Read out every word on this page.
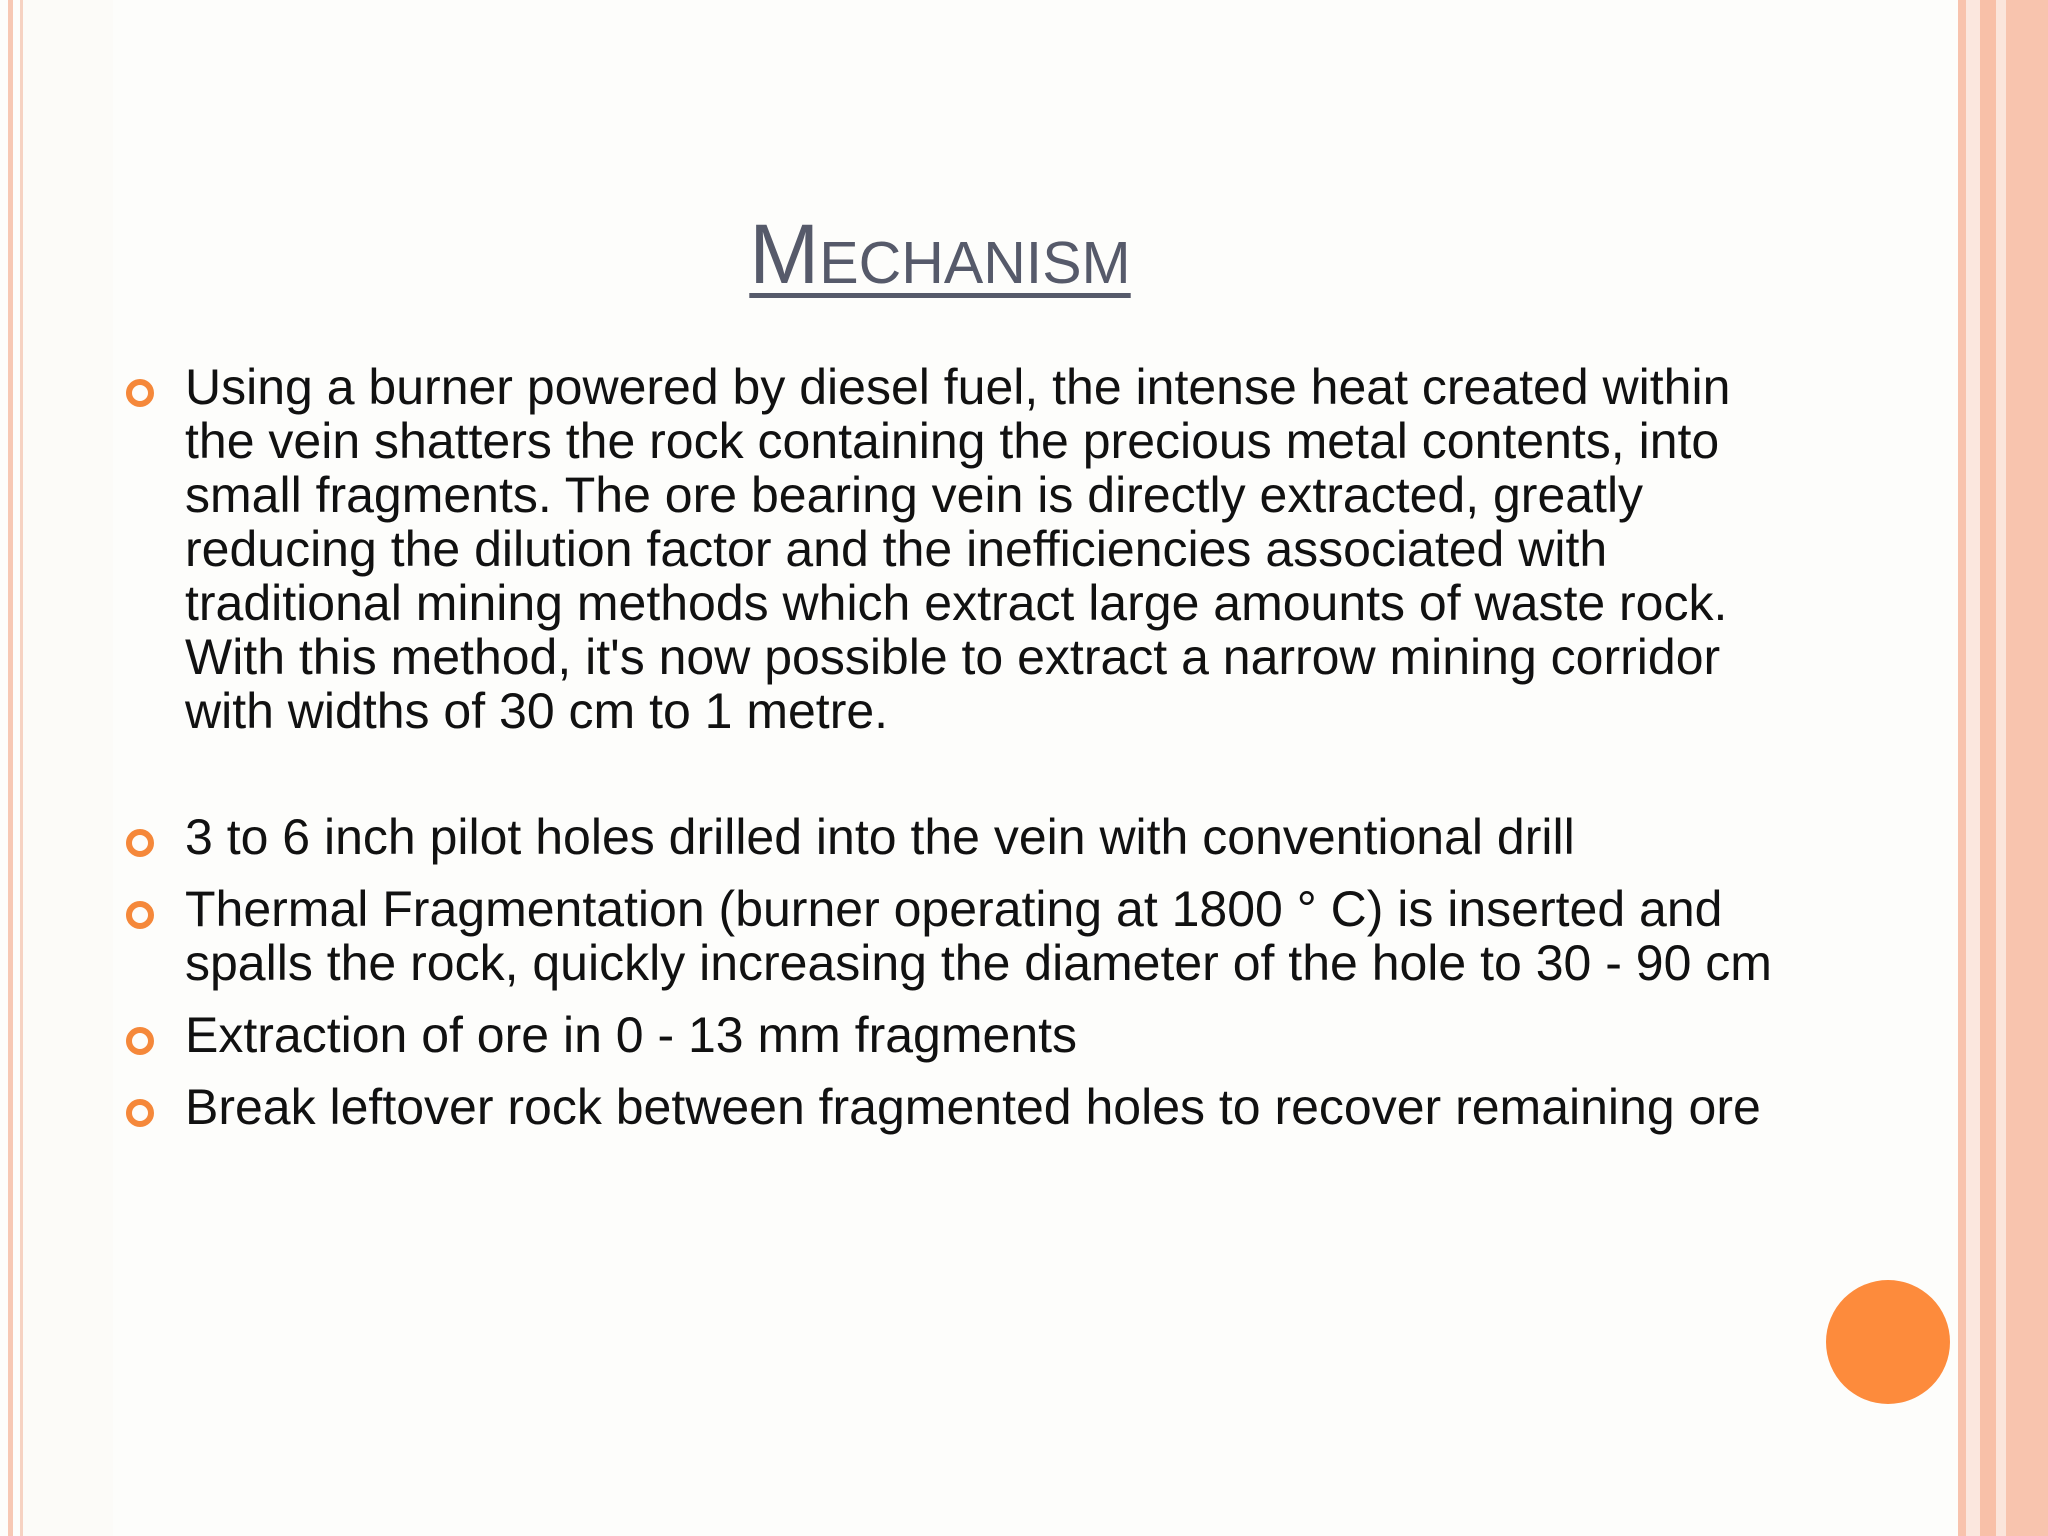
Mechanism
Using a burner powered by diesel fuel, the intense heat created within the vein shatters the rock containing the precious metal contents, into small fragments. The ore bearing vein is directly extracted, greatly reducing the dilution factor and the inefficiencies associated with traditional mining methods which extract large amounts of waste rock. With this method, it's now possible to extract a narrow mining corridor with widths of 30 cm to 1 metre.
3 to 6 inch pilot holes drilled into the vein with conventional drill
Thermal Fragmentation (burner operating at 1800 ° C) is inserted and spalls the rock, quickly increasing the diameter of the hole to 30 - 90 cm
Extraction of ore in 0 - 13 mm fragments
Break leftover rock between fragmented holes to recover remaining ore
